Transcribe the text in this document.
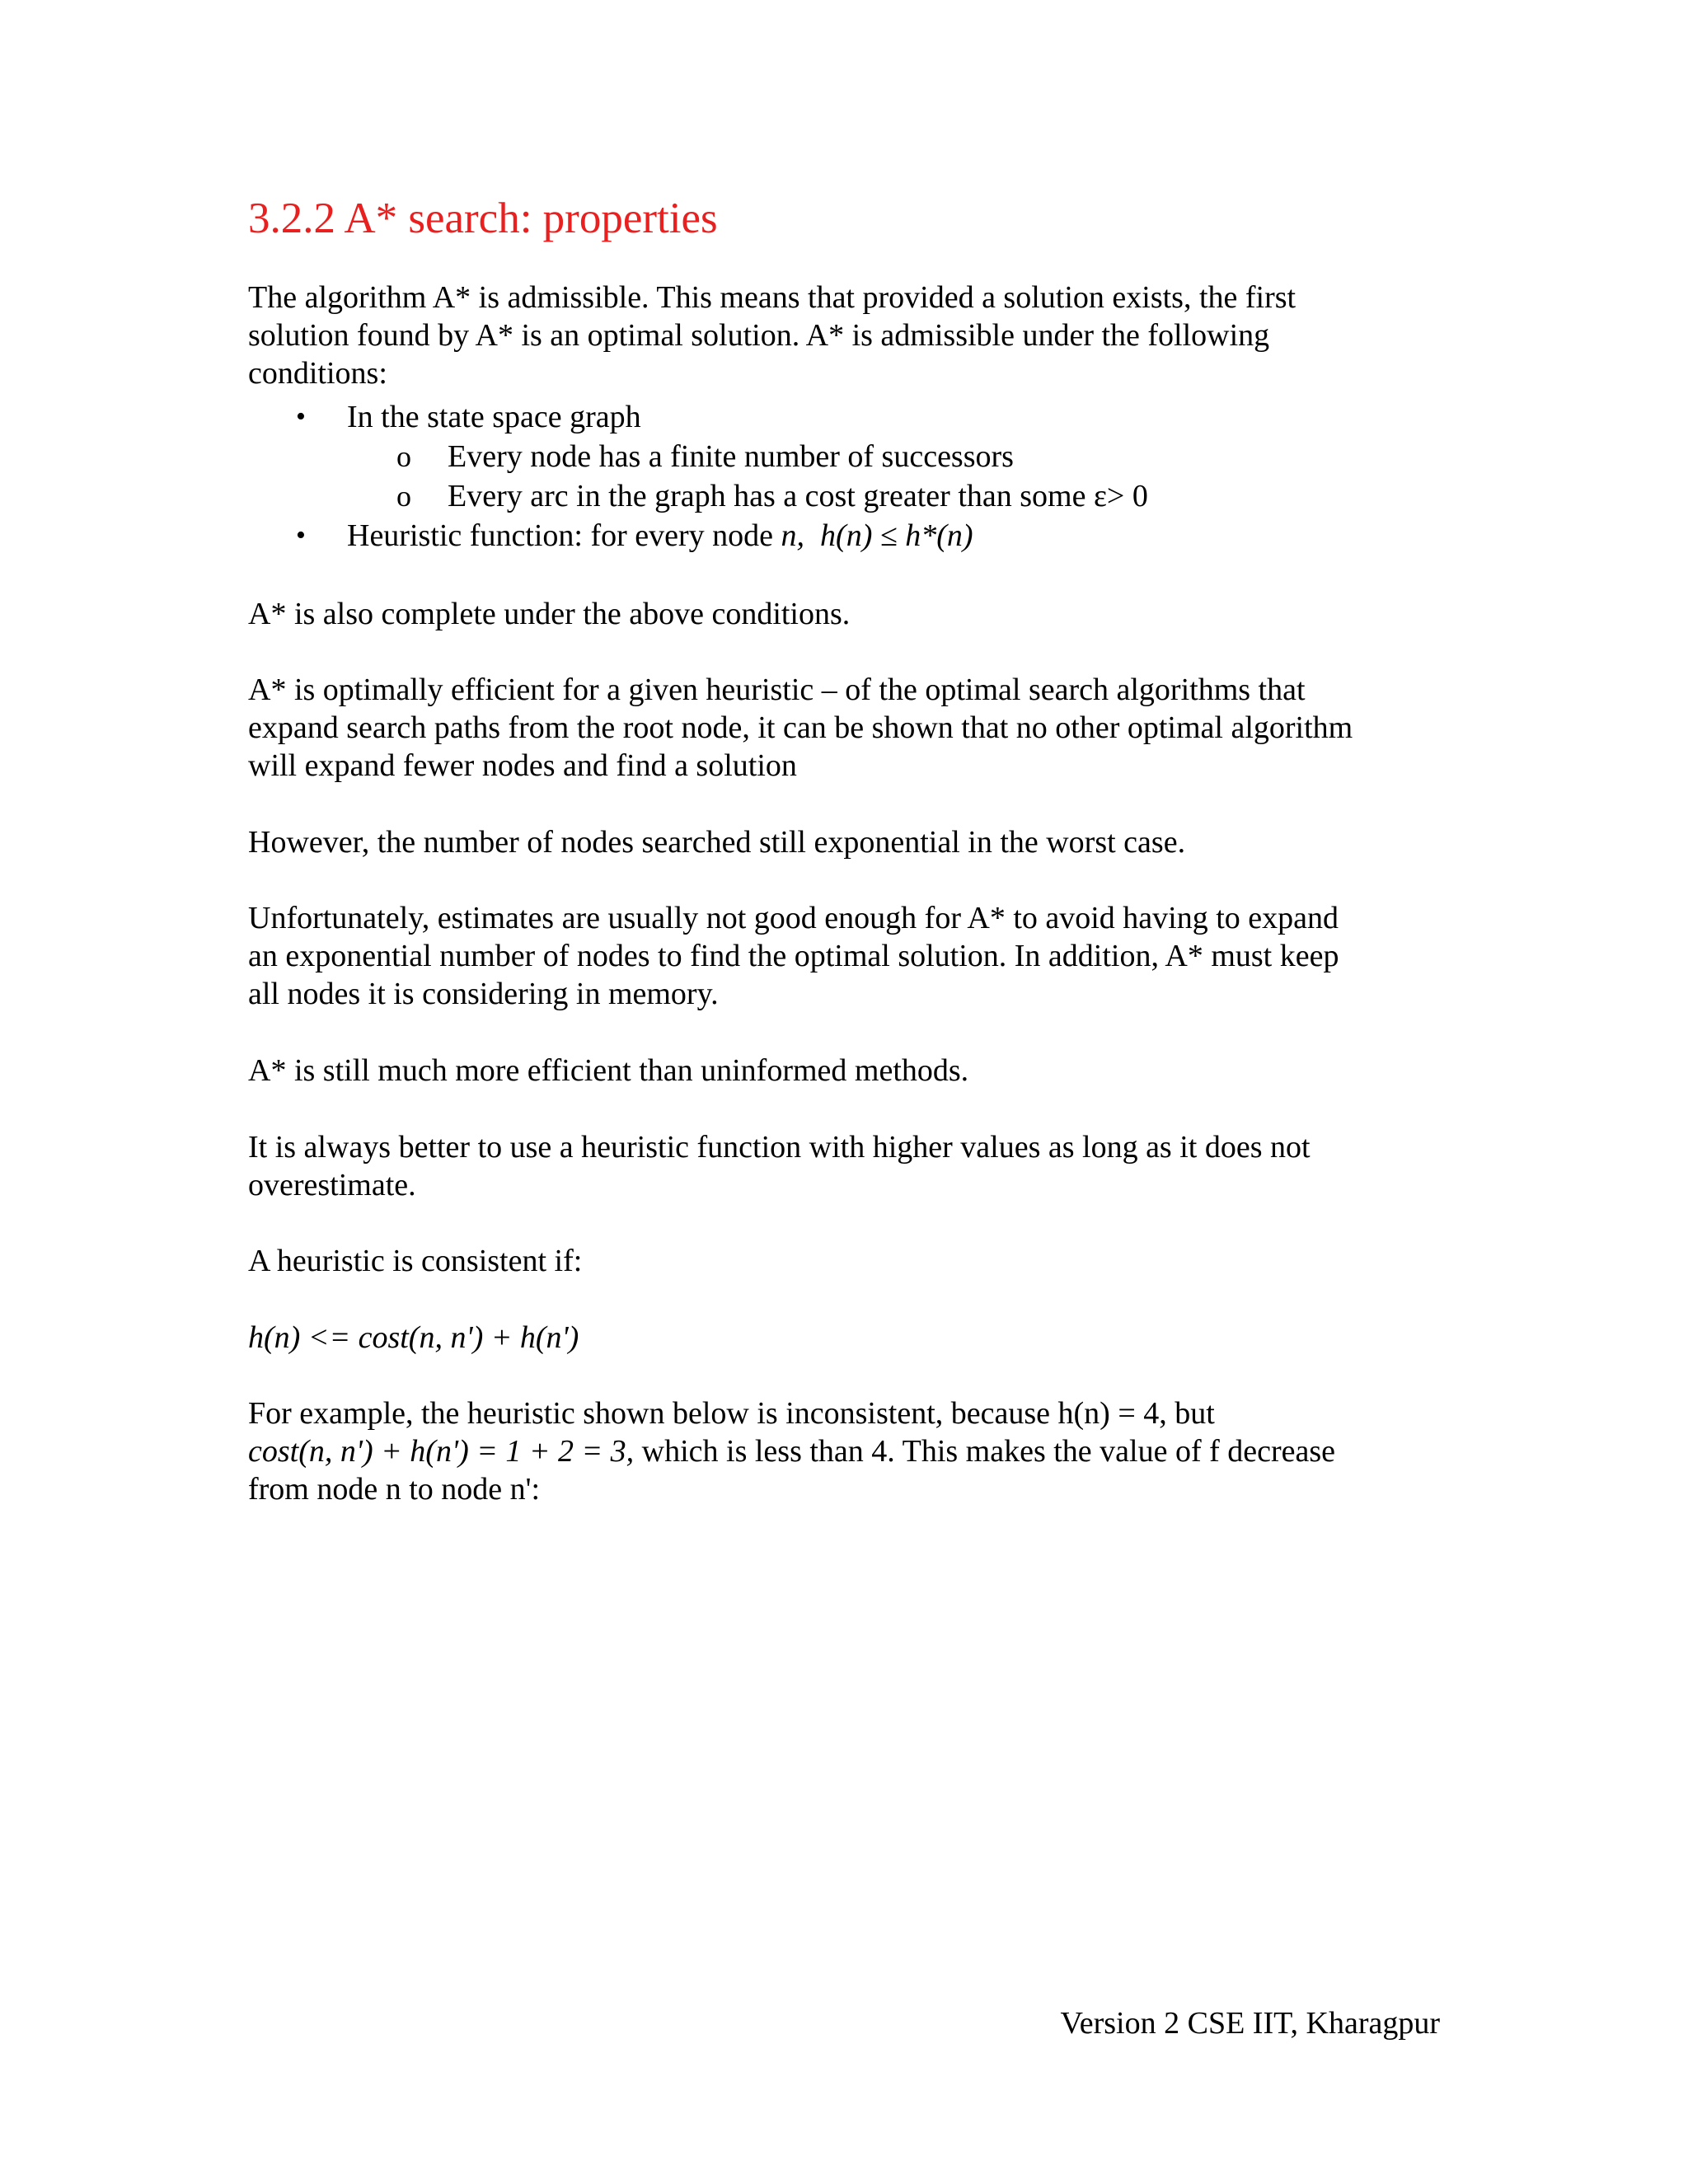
3.2.2 A* search: properties

The algorithm A* is admissible. This means that provided a solution exists, the first
solution found by A* is an optimal solution. A* is admissible under the following
conditions:

• In the state space graph
o Every node has a finite number of successors
o Every arc in the graph has a cost greater than some ε> 0
• Heuristic function: for every node n, h(n) ≤ h*(n)

A* is also complete under the above conditions.

A* is optimally efficient for a given heuristic – of the optimal search algorithms that
expand search paths from the root node, it can be shown that no other optimal algorithm
will expand fewer nodes and find a solution

However, the number of nodes searched still exponential in the worst case.

Unfortunately, estimates are usually not good enough for A* to avoid having to expand
an exponential number of nodes to find the optimal solution. In addition, A* must keep
all nodes it is considering in memory.

A* is still much more efficient than uninformed methods.

It is always better to use a heuristic function with higher values as long as it does not
overestimate.

A heuristic is consistent if:

h(n) <= cost(n, n') + h(n')

For example, the heuristic shown below is inconsistent, because h(n) = 4, but
cost(n, n') + h(n') = 1 + 2 = 3, which is less than 4. This makes the value of f decrease
from node n to node n':

Version 2 CSE IIT, Kharagpur
